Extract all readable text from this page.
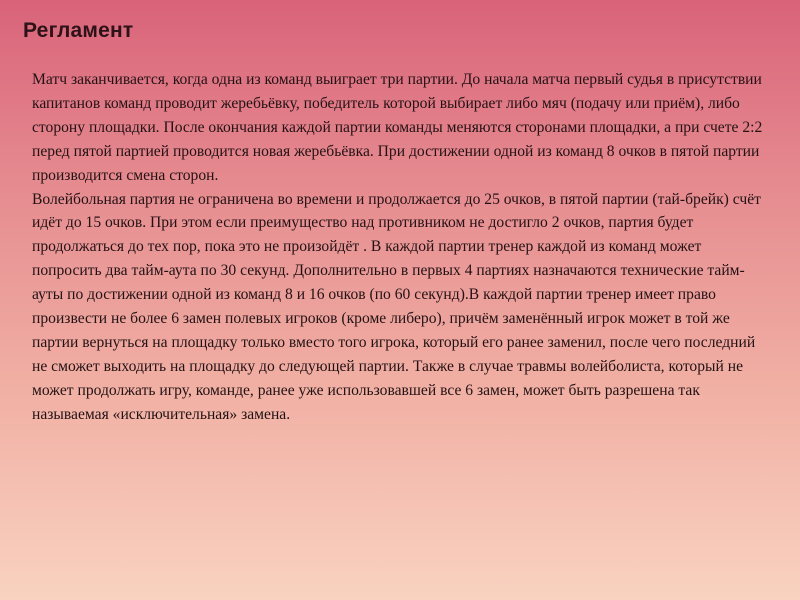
Регламент

Матч заканчивается, когда одна из команд выиграет три партии. До начала матча первый судья в присутствии капитанов команд проводит жеребьёвку, победитель которой выбирает либо мяч (подачу или приём), либо сторону площадки. После окончания каждой партии команды меняются сторонами площадки, а при счете 2:2 перед пятой партией проводится новая жеребьёвка. При достижении одной из команд 8 очков в пятой партии производится смена сторон.

Волейбольная партия не ограничена во времени и продолжается до 25 очков, в пятой партии (тай-брейк) счёт идёт до 15 очков. При этом если преимущество над противником не достигло 2 очков, партия будет продолжаться до тех пор, пока это не произойдёт . В каждой партии тренер каждой из команд может попросить два тайм-аута по 30 секунд. Дополнительно в первых 4 партиях назначаются технические тайм-ауты по достижении одной из команд 8 и 16 очков (по 60 секунд).В каждой партии тренер имеет право произвести не более 6 замен полевых игроков (кроме либеро), причём заменённый игрок может в той же партии вернуться на площадку только вместо того игрока, который его ранее заменил, после чего последний не сможет выходить на площадку до следующей партии. Также в случае травмы волейболиста, который не может продолжать игру, команде, ранее уже использовавшей все 6 замен, может быть разрешена так называемая «исключительная» замена.
